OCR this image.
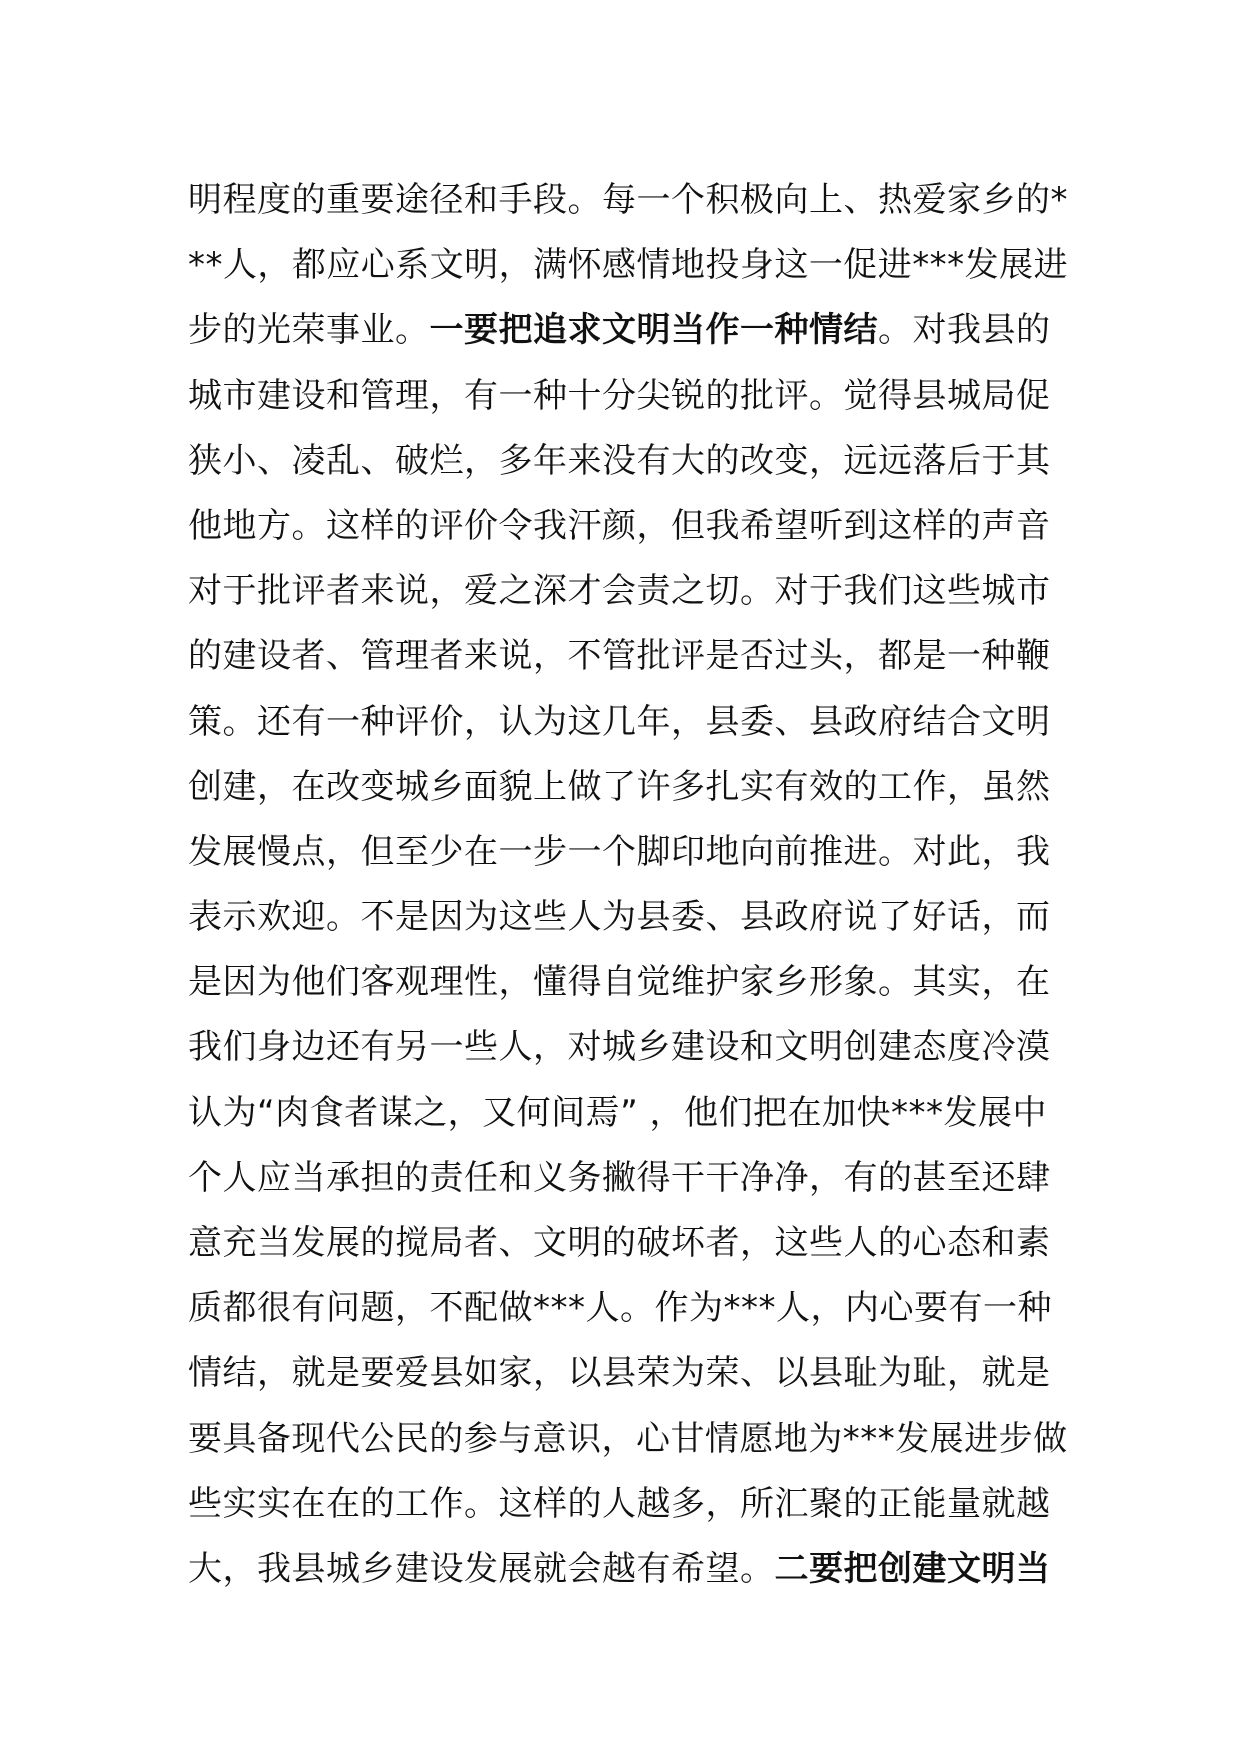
明程度的重要途径和手段。每一个积极向上、热爱家乡的*
**人，都应心系文明，满怀感情地投身这一促进***发展进
步的光荣事业。一要把追求文明当作一种情结。对我县的
城市建设和管理，有一种十分尖锐的批评。觉得县城局促
狭小、凌乱、破烂，多年来没有大的改变，远远落后于其
他地方。这样的评价令我汗颜，但我希望听到这样的声音
对于批评者来说，爱之深才会责之切。对于我们这些城市
的建设者、管理者来说，不管批评是否过头，都是一种鞭
策。还有一种评价，认为这几年，县委、县政府结合文明
创建，在改变城乡面貌上做了许多扎实有效的工作，虽然
发展慢点，但至少在一步一个脚印地向前推进。对此，我
表示欢迎。不是因为这些人为县委、县政府说了好话，而
是因为他们客观理性，懂得自觉维护家乡形象。其实，在
我们身边还有另一些人，对城乡建设和文明创建态度冷漠
认为“肉食者谋之，又何间焉” ，他们把在加快***发展中
个人应当承担的责任和义务撇得干干净净，有的甚至还肆
意充当发展的搅局者、文明的破坏者，这些人的心态和素
质都很有问题，不配做***人。作为***人，内心要有一种
情结，就是要爱县如家，以县荣为荣、以县耻为耻，就是
要具备现代公民的参与意识，心甘情愿地为***发展进步做
些实实在在的工作。这样的人越多，所汇聚的正能量就越
大，我县城乡建设发展就会越有希望。二要把创建文明当
